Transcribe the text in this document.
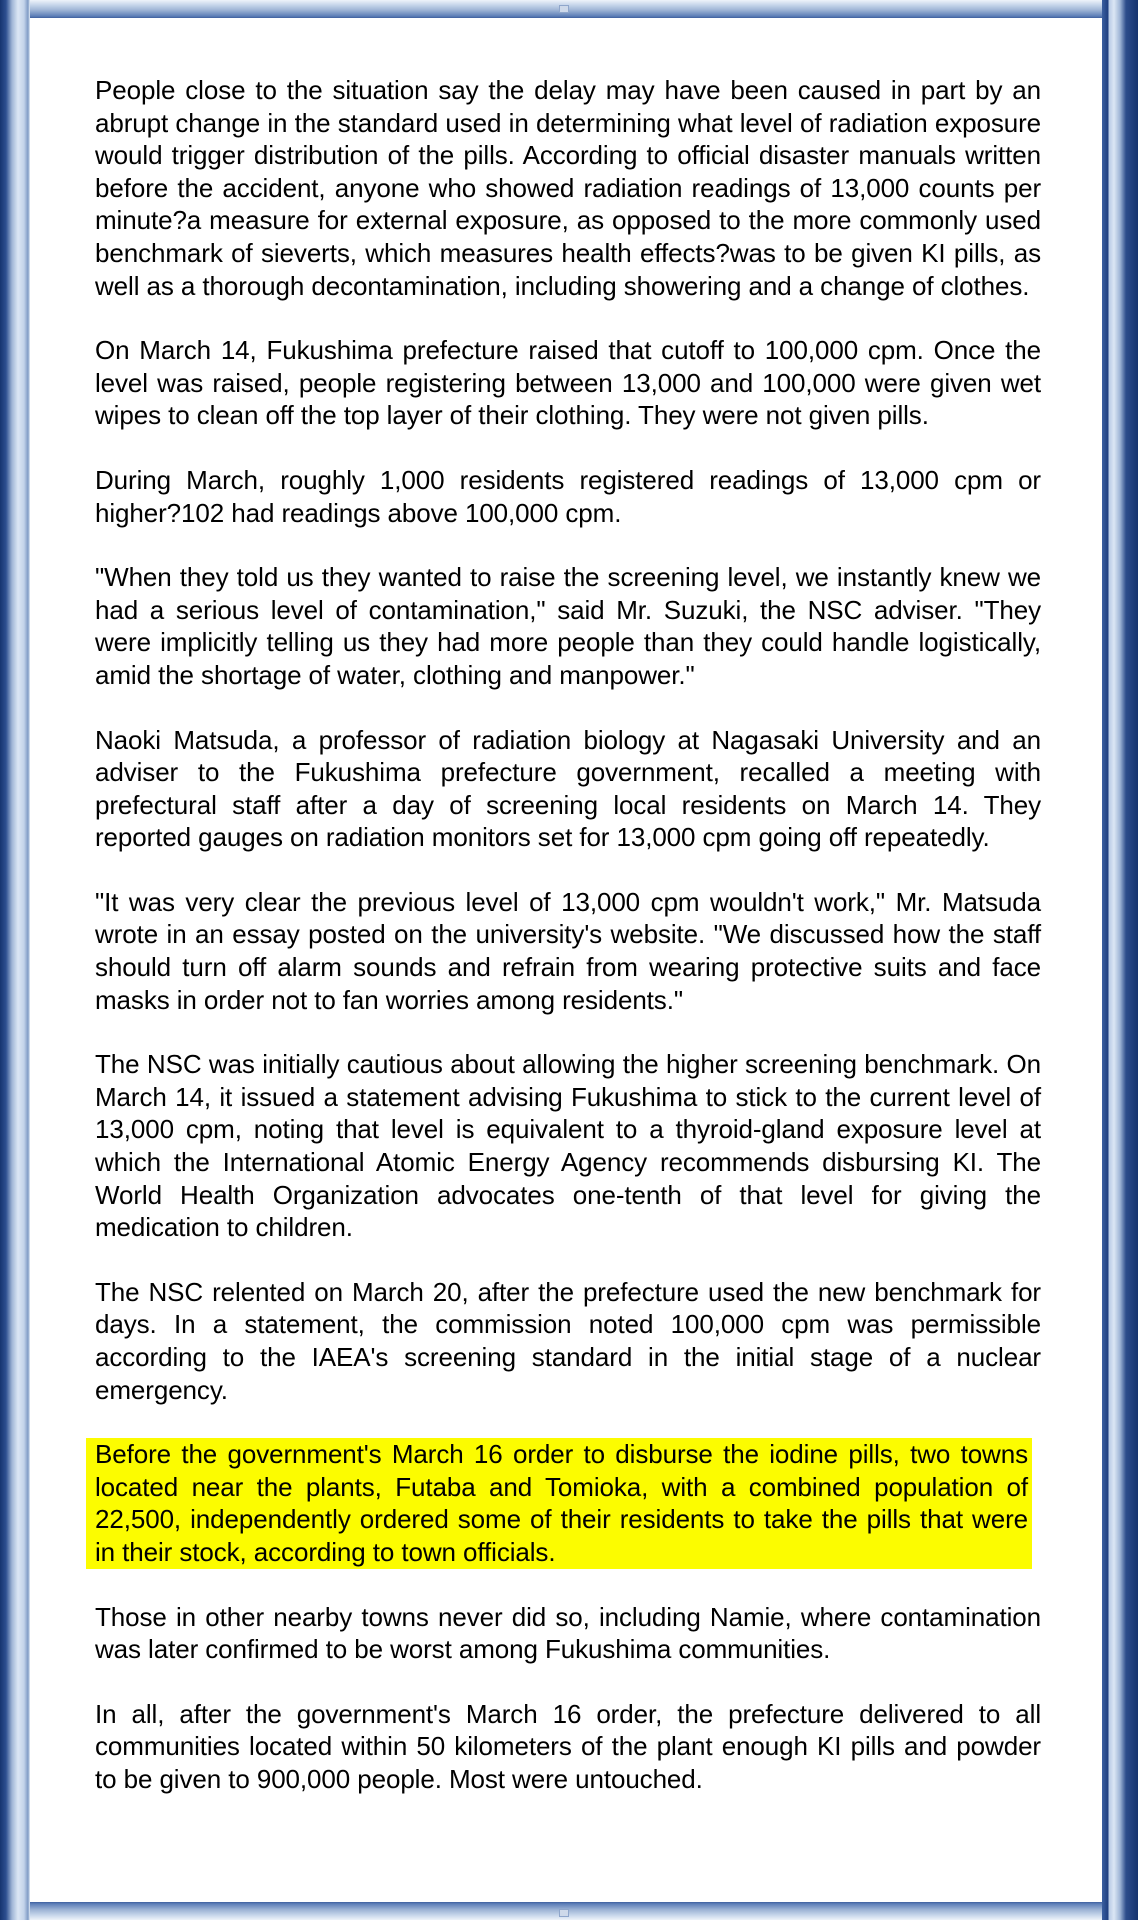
People close to the situation say the delay may have been caused in part by an abrupt change in the standard used in determining what level of radiation exposure would trigger distribution of the pills. According to official disaster manuals written before the accident, anyone who showed radiation readings of 13,000 counts per minute?a measure for external exposure, as opposed to the more commonly used benchmark of sieverts, which measures health effects?was to be given KI pills, as well as a thorough decontamination, including showering and a change of clothes.

On March 14, Fukushima prefecture raised that cutoff to 100,000 cpm. Once the level was raised, people registering between 13,000 and 100,000 were given wet wipes to clean off the top layer of their clothing. They were not given pills.

During March, roughly 1,000 residents registered readings of 13,000 cpm or higher?102 had readings above 100,000 cpm.

"When they told us they wanted to raise the screening level, we instantly knew we had a serious level of contamination," said Mr. Suzuki, the NSC adviser. "They were implicitly telling us they had more people than they could handle logistically, amid the shortage of water, clothing and manpower."

Naoki Matsuda, a professor of radiation biology at Nagasaki University and an adviser to the Fukushima prefecture government, recalled a meeting with prefectural staff after a day of screening local residents on March 14. They reported gauges on radiation monitors set for 13,000 cpm going off repeatedly.

"It was very clear the previous level of 13,000 cpm wouldn't work," Mr. Matsuda wrote in an essay posted on the university's website. "We discussed how the staff should turn off alarm sounds and refrain from wearing protective suits and face masks in order not to fan worries among residents."

The NSC was initially cautious about allowing the higher screening benchmark. On March 14, it issued a statement advising Fukushima to stick to the current level of 13,000 cpm, noting that level is equivalent to a thyroid-gland exposure level at which the International Atomic Energy Agency recommends disbursing KI. The World Health Organization advocates one-tenth of that level for giving the medication to children.

The NSC relented on March 20, after the prefecture used the new benchmark for days. In a statement, the commission noted 100,000 cpm was permissible according to the IAEA's screening standard in the initial stage of a nuclear emergency.

Before the government's March 16 order to disburse the iodine pills, two towns located near the plants, Futaba and Tomioka, with a combined population of 22,500, independently ordered some of their residents to take the pills that were in their stock, according to town officials.

Those in other nearby towns never did so, including Namie, where contamination was later confirmed to be worst among Fukushima communities.

In all, after the government's March 16 order, the prefecture delivered to all communities located within 50 kilometers of the plant enough KI pills and powder to be given to 900,000 people. Most were untouched.
